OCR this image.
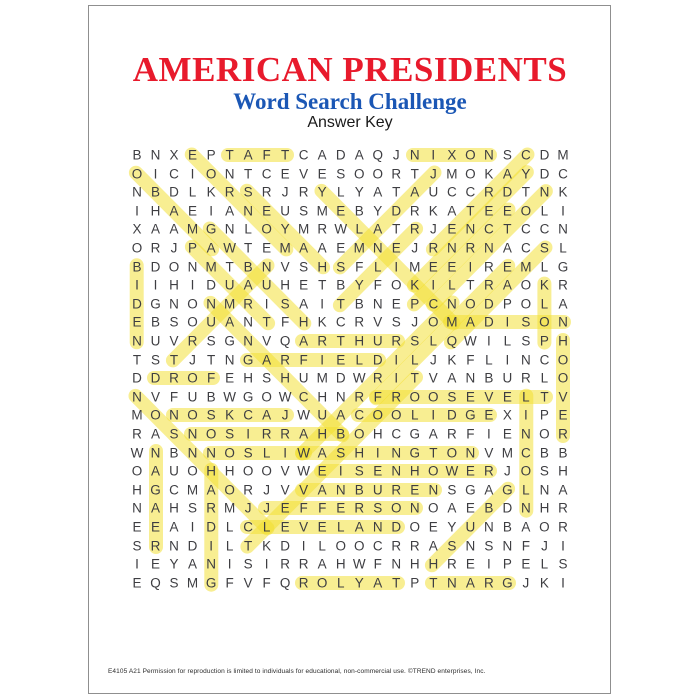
AMERICAN PRESIDENTS
Word Search Challenge
Answer Key
B N X E P T A F T C A D A Q J N I X O N S C D M
O I C I O N T C E V E S O O R T J M O K A Y D C
N B D L K R S R J R Y L Y A T A U C C R D T N K
I H A E I A N E U S M E B Y D R K A T E E O L I
X A A M G N L O Y M R W L A T R J E N C T C C N
O R J P A W T E M A A E M N E J R N R N A C S L
B D O N M T B N V S H S F L I M E E I R E M L G
I I H I D U A U H E T B Y F O K I L T R A O K R
D G N O N M R I S A I T B N E P C N O D P O L A
E B S O U A N T F H K C R V S J O M A D I S O N
N U V R S G N V Q A R T H U R S L Q W I L S P H
T S T J T N G A R F I E L D I L J K F L I N C O
D D R O F E H S H U M D W R I T V A N B U R L O
N V F U B W G O W C H N R F R O O S E V E L T V
M O N O S K C A J W U A C O O L I D G E X I P E
R A S N O S I R R A H B O H C G A R F I E N O R
W N B N N O S L I W A S H I N G T O N V M C B B
O A U O H H O O V W E I S E N H O W E R J O S H
H G C M A O R J V V A N B U R E N S G A G L N A
N A H S R M J J E F F E R S O N O A E B D N H R
E E A I D L C L E V E L A N D O E Y U N B A O R
S R N D I L T K D I L O O C R R A S N S N F J I
I E Y A N I S I R R A H W F N H H R E I P E L S
E Q S M G F V F Q R O L Y A T P T N A R G J K I
E4105 A21 Permission for reproduction is limited to individuals for educational, non-commercial use. ©TREND enterprises, Inc.
